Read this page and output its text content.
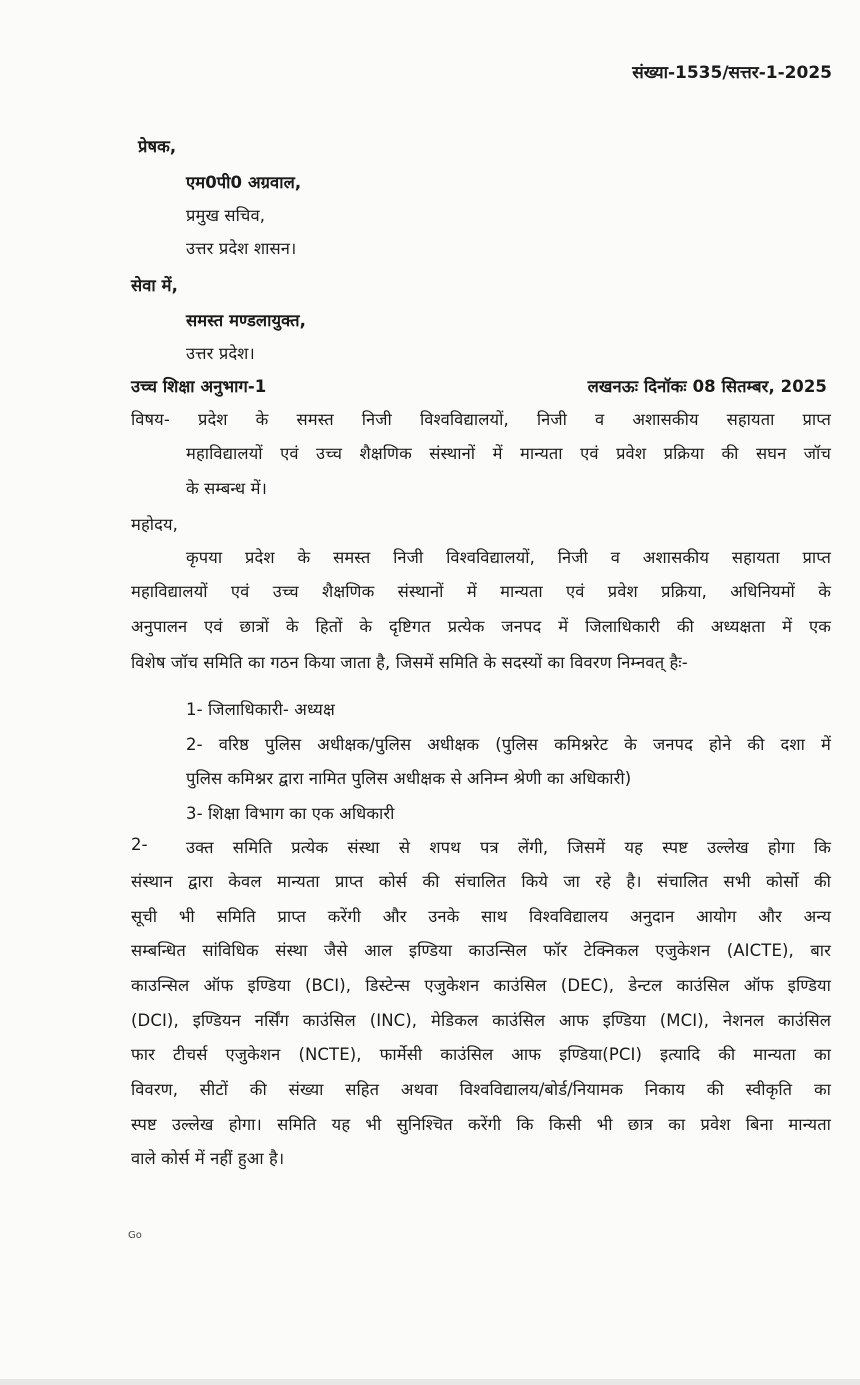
संख्या-1535/सत्तर-1-2025
प्रेषक,
एम0पी0 अग्रवाल,
प्रमुख सचिव,
उत्तर प्रदेश शासन।
सेवा में,
समस्त मण्डलायुक्त,
उत्तर प्रदेश।
उच्च शिक्षा अनुभाग-1	लखनऊः दिनॉकः 08 सितम्बर, 2025
विषय- प्रदेश के समस्त निजी विश्वविद्यालयों, निजी व अशासकीय सहायता प्राप्त
महाविद्यालयों एवं उच्च शैक्षणिक संस्थानों में मान्यता एवं प्रवेश प्रक्रिया की सघन जॉच
के सम्बन्ध में।
महोदय,
कृपया प्रदेश के समस्त निजी विश्वविद्यालयों, निजी व अशासकीय सहायता प्राप्त
महाविद्यालयों एवं उच्च शैक्षणिक संस्थानों में मान्यता एवं प्रवेश प्रक्रिया, अधिनियमों के
अनुपालन एवं छात्रों के हितों के दृष्टिगत प्रत्येक जनपद में जिलाधिकारी की अध्यक्षता में एक
विशेष जॉच समिति का गठन किया जाता है, जिसमें समिति के सदस्यों का विवरण निम्नवत् हैः-
1- जिलाधिकारी- अध्यक्ष
2- वरिष्ठ पुलिस अधीक्षक/पुलिस अधीक्षक (पुलिस कमिश्नरेट के जनपद होने की दशा में
पुलिस कमिश्नर द्वारा नामित पुलिस अधीक्षक से अनिम्न श्रेणी का अधिकारी)
3- शिक्षा विभाग का एक अधिकारी
2- उक्त समिति प्रत्येक संस्था से शपथ पत्र लेंगी, जिसमें यह स्पष्ट उल्लेख होगा कि
संस्थान द्वारा केवल मान्यता प्राप्त कोर्स की संचालित किये जा रहे है। संचालित सभी कोर्सो की
सूची भी समिति प्राप्त करेंगी और उनके साथ विश्वविद्यालय अनुदान आयोग और अन्य
सम्बन्धित सांविधिक संस्था जैसे आल इण्डिया काउन्सिल फॉर टेक्निकल एजुकेशन (AICTE), बार
काउन्सिल ऑफ इण्डिया (BCI), डिस्टेन्स एजुकेशन काउंसिल (DEC), डेन्टल काउंसिल ऑफ इण्डिया
(DCI), इण्डियन नर्सिंग काउंसिल (INC), मेडिकल काउंसिल आफ इण्डिया (MCI), नेशनल काउंसिल
फार टीचर्स एजुकेशन (NCTE), फार्मेसी काउंसिल आफ इण्डिया(PCI) इत्यादि की मान्यता का
विवरण, सीटों की संख्या सहित अथवा विश्वविद्यालय/बोर्ड/नियामक निकाय की स्वीकृति का
स्पष्ट उल्लेख होगा। समिति यह भी सुनिश्चित करेंगी कि किसी भी छात्र का प्रवेश बिना मान्यता
वाले कोर्स में नहीं हुआ है।
Go
